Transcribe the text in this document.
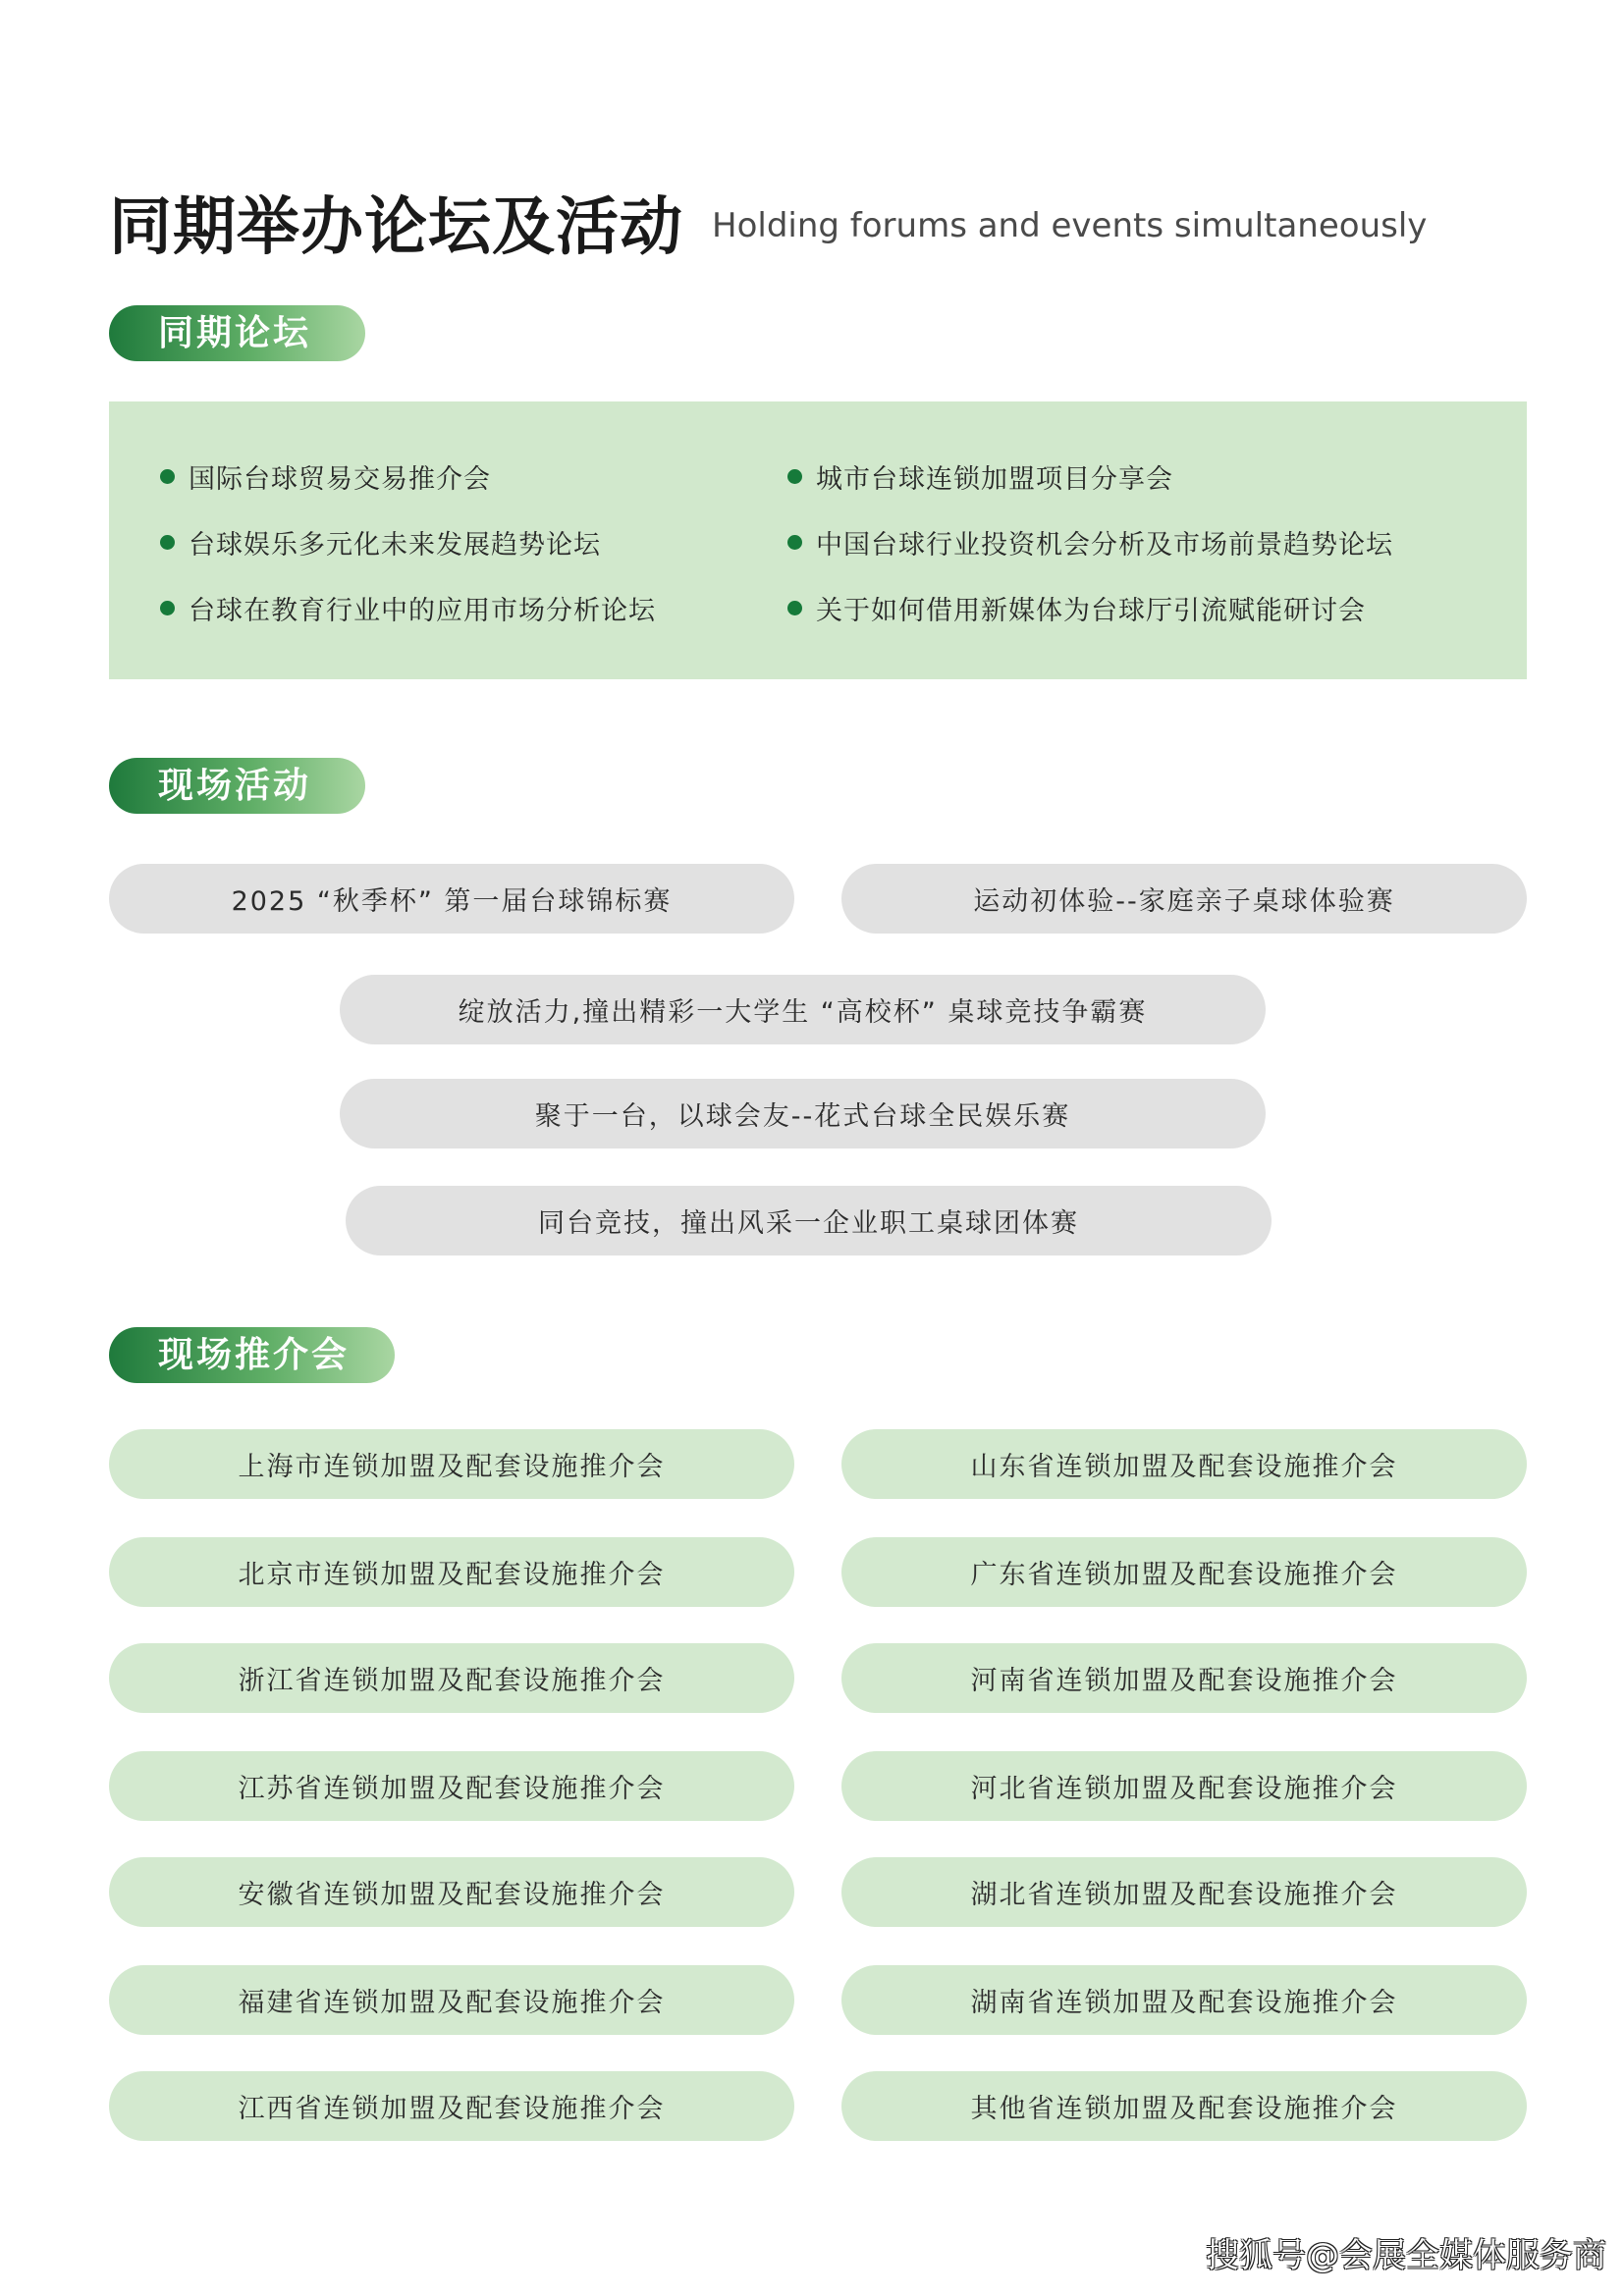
同期举办论坛及活动 Holding forums and events simultaneously
同期论坛
国际台球贸易交易推介会	城市台球连锁加盟项目分享会
台球娱乐多元化未来发展趋势论坛	中国台球行业投资机会分析及市场前景趋势论坛
台球在教育行业中的应用市场分析论坛	关于如何借用新媒体为台球厅引流赋能研讨会
现场活动
2025 “秋季杯” 第一届台球锦标赛	运动初体验--家庭亲子桌球体验赛
绽放活力,撞出精彩一大学生 “高校杯” 桌球竞技争霸赛
聚于一台，以球会友--花式台球全民娱乐赛
同台竞技，撞出风采一企业职工桌球团体赛
现场推介会
上海市连锁加盟及配套设施推介会
北京市连锁加盟及配套设施推介会
浙江省连锁加盟及配套设施推介会
江苏省连锁加盟及配套设施推介会
安徽省连锁加盟及配套设施推介会
福建省连锁加盟及配套设施推介会
江西省连锁加盟及配套设施推介会
山东省连锁加盟及配套设施推介会
广东省连锁加盟及配套设施推介会
河南省连锁加盟及配套设施推介会
河北省连锁加盟及配套设施推介会
湖北省连锁加盟及配套设施推介会
湖南省连锁加盟及配套设施推介会
其他省连锁加盟及配套设施推介会
搜狐号@会展全媒体服务商
